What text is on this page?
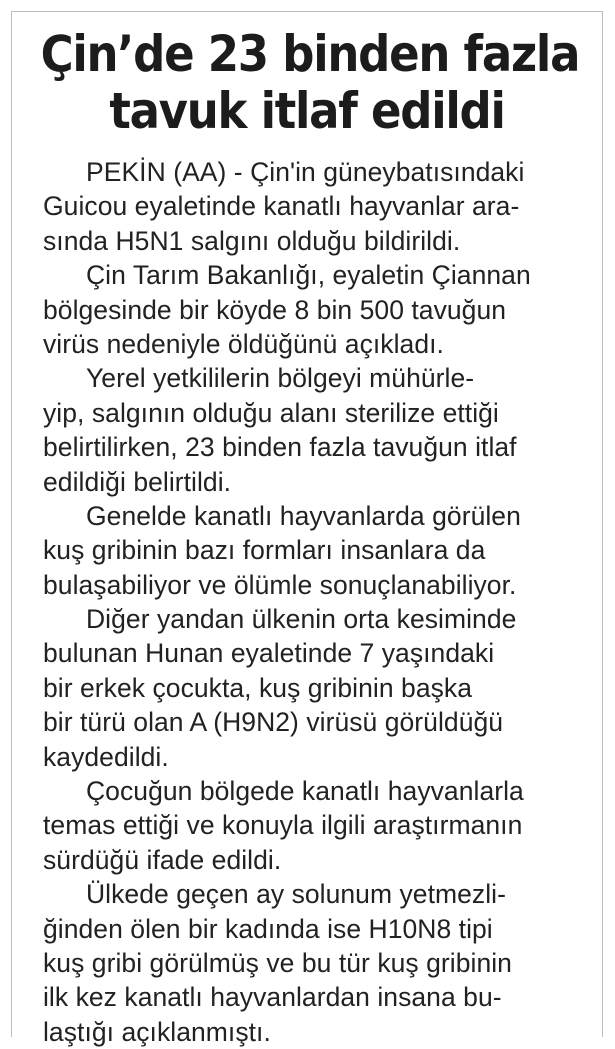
Çin’de 23 binden fazla
tavuk itlaf edildi
PEKİN (AA) - Çin'in güneybatısındaki
Guicou eyaletinde kanatlı hayvanlar ara-
sında H5N1 salgını olduğu bildirildi.
Çin Tarım Bakanlığı, eyaletin Çiannan
bölgesinde bir köyde 8 bin 500 tavuğun
virüs nedeniyle öldüğünü açıkladı.
Yerel yetkililerin bölgeyi mühürle-
yip, salgının olduğu alanı sterilize ettiği
belirtilirken, 23 binden fazla tavuğun itlaf
edildiği belirtildi.
Genelde kanatlı hayvanlarda görülen
kuş gribinin bazı formları insanlara da
bulaşabiliyor ve ölümle sonuçlanabiliyor.
Diğer yandan ülkenin orta kesiminde
bulunan Hunan eyaletinde 7 yaşındaki
bir erkek çocukta, kuş gribinin başka
bir türü olan A (H9N2) virüsü görüldüğü
kaydedildi.
Çocuğun bölgede kanatlı hayvanlarla
temas ettiği ve konuyla ilgili araştırmanın
sürdüğü ifade edildi.
Ülkede geçen ay solunum yetmezli-
ğinden ölen bir kadında ise H10N8 tipi
kuş gribi görülmüş ve bu tür kuş gribinin
ilk kez kanatlı hayvanlardan insana bu-
laştığı açıklanmıştı.
